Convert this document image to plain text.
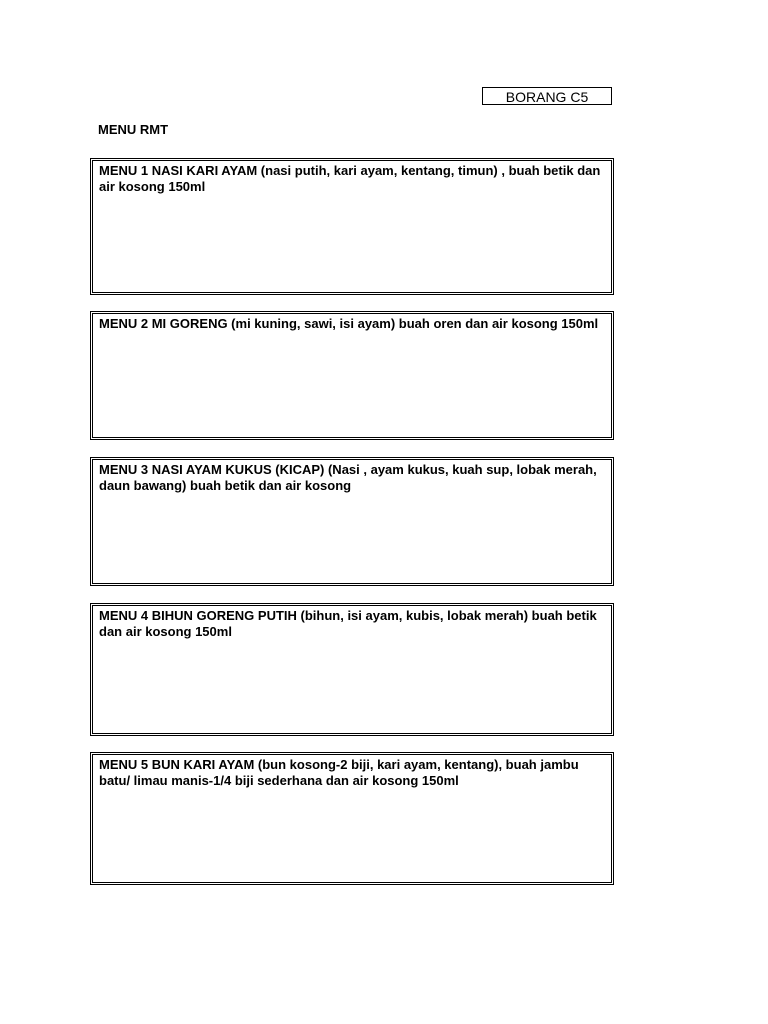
BORANG C5
MENU RMT
MENU 1 NASI KARI AYAM (nasi putih, kari ayam, kentang, timun) , buah betik dan air kosong 150ml
MENU 2 MI GORENG (mi kuning, sawi, isi ayam) buah oren dan air kosong 150ml
MENU 3 NASI AYAM KUKUS (KICAP) (Nasi , ayam kukus, kuah sup, lobak merah, daun bawang) buah betik dan air kosong
MENU 4 BIHUN GORENG PUTIH (bihun, isi ayam, kubis, lobak merah) buah betik dan air kosong 150ml
MENU 5 BUN KARI AYAM (bun kosong-2 biji, kari ayam, kentang), buah jambu batu/ limau manis-1/4 biji sederhana dan air kosong 150ml
